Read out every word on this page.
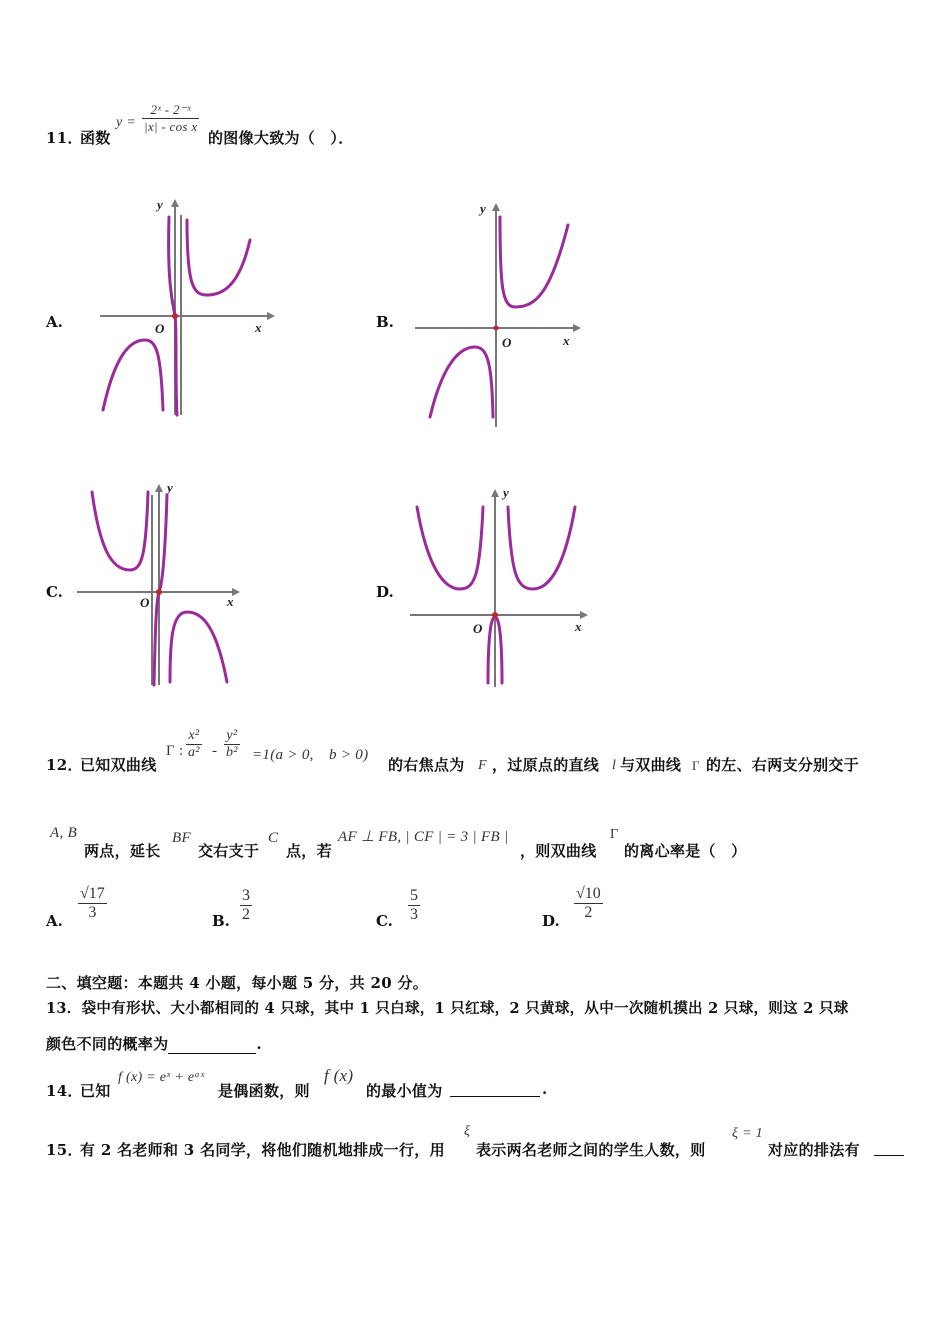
11．
函数
$y = \frac{\text{2ˣ - 2⁻ˣ}}{\text{|x| - cos x}}$
的图像大致为（　）．
A.
y
x
O	B.
y
x
O
C.
y
x
O
D.
y
x
O
12．
已知双曲线
Γ : $\frac{\text{x²}}{\text{a²}} - \frac{\text{y²}}{\text{b²}} =1(a > 0$,　b > 0)
的右焦点为 F ，过原点的直线 l 与双曲线 Γ 的左、右两支分别交于
A, B
两点，延长
BF
交右支于
C
点，若
AF ⊥ FB, | CF | = 3 | FB |
，则双曲线
Γ
的离心率是（　）
A. $\frac{√17}{3}$	B. $\frac{3}{2}$	C. $\frac{5}{3}$	D. $\frac{√10}{2}$
二、填空题：本题共 4 小题，每小题 5 分，共 20 分。
13．袋中有形状、大小都相同的 4 只球，其中 1 只白球，1 只红球，2 只黄球，从中一次随机摸出 2 只球，则这 2 只球
颜色不同的概率为	.
14．
已知
f (x) = eˣ + eᵃˣ
是偶函数，则
f (x)
的最小值为	.
15．
有 2 名老师和 3 名同学，将他们随机地排成一行，用
ξ
表示两名老师之间的学生人数，则
ξ = 1
对应的排法有
